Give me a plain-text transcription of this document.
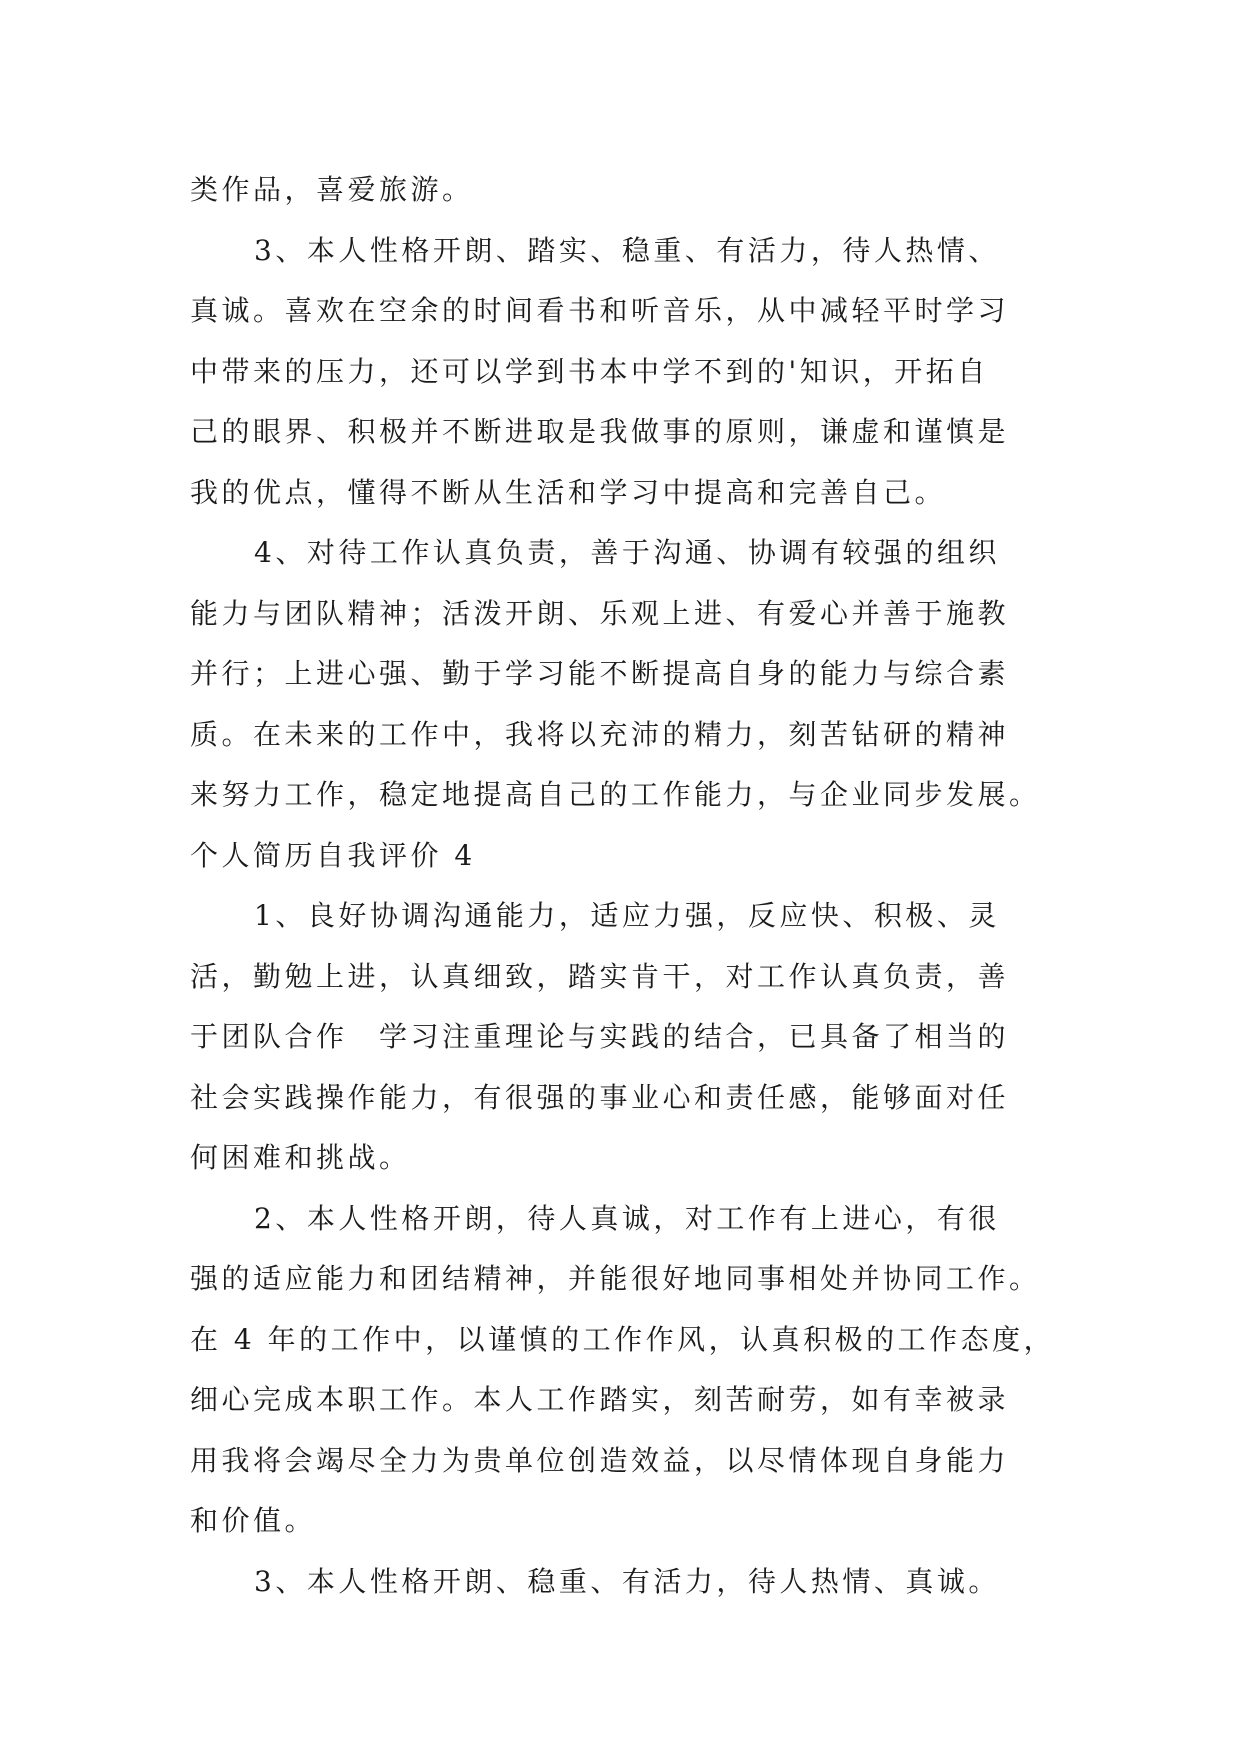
类作品，喜爱旅游。
3、本人性格开朗、踏实、稳重、有活力，待人热情、
真诚。喜欢在空余的时间看书和听音乐，从中减轻平时学习
中带来的压力，还可以学到书本中学不到的'知识，开拓自
己的眼界、积极并不断进取是我做事的原则，谦虚和谨慎是
我的优点，懂得不断从生活和学习中提高和完善自己。
4、对待工作认真负责，善于沟通、协调有较强的组织
能力与团队精神；活泼开朗、乐观上进、有爱心并善于施教
并行；上进心强、勤于学习能不断提高自身的能力与综合素
质。在未来的工作中，我将以充沛的精力，刻苦钻研的精神
来努力工作，稳定地提高自己的工作能力，与企业同步发展。
个人简历自我评价 4
1、良好协调沟通能力，适应力强，反应快、积极、灵
活，勤勉上进，认真细致，踏实肯干，对工作认真负责，善
于团队合作　学习注重理论与实践的结合，已具备了相当的
社会实践操作能力，有很强的事业心和责任感，能够面对任
何困难和挑战。
2、本人性格开朗，待人真诚，对工作有上进心，有很
强的适应能力和团结精神，并能很好地同事相处并协同工作。
在 4 年的工作中，以谨慎的工作作风，认真积极的工作态度，
细心完成本职工作。本人工作踏实，刻苦耐劳，如有幸被录
用我将会竭尽全力为贵单位创造效益，以尽情体现自身能力
和价值。
3、本人性格开朗、稳重、有活力，待人热情、真诚。
